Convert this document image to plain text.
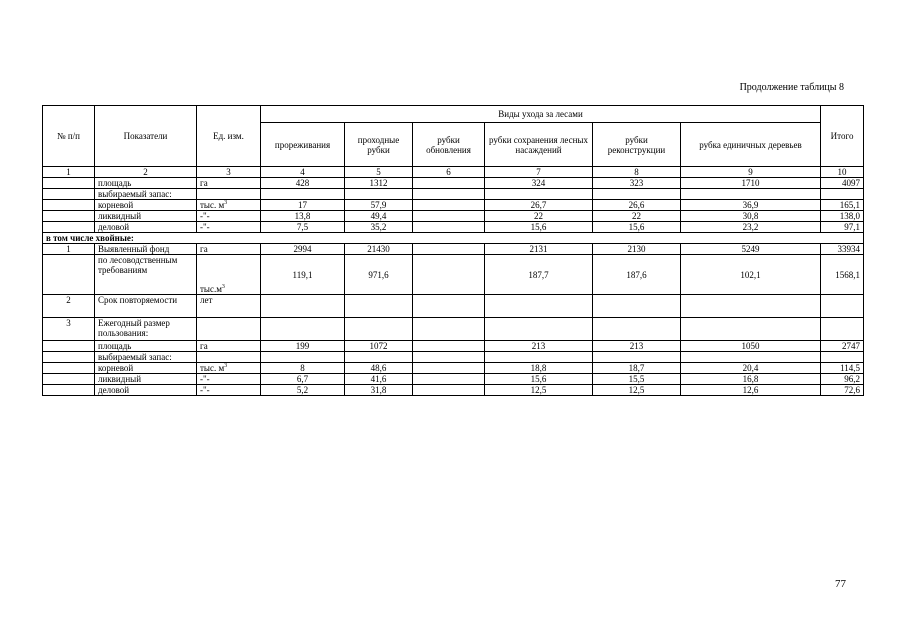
Продолжение таблицы 8
№ п/п	Показатели	Ед. изм.	Виды ухода за лесами						Итого
			прореживания	проходные рубки	рубки обновления	рубки сохранения лесных насаждений	рубки реконструкции	рубка единичных деревьев	
1	2	3	4	5	6	7	8	9	10
	площадь	га	428	1312		324	323	1710	4097
	выбираемый запас:								
	корневой	тыс. $м^3$	17	57,9		26,7	26,6	36,9	165,1
	ликвидный	-"-	13,8	49,4		22	22	30,8	138,0
	деловой	-"-	7,5	35,2		15,6	15,6	23,2	97,1
в том числе хвойные:									
1	Выявленный фонд	га	2994	21430		2131	2130	5249	33934
	по лесоводственным требованиям	$тыс.м^3$	119,1	971,6		187,7	187,6	102,1	1568,1
2	Срок повторяемости	лет							
3	Ежегодный размер пользования:								
	площадь	га	199	1072		213	213	1050	2747
	выбираемый запас:								
	корневой	тыс. $м^3$	8	48,6		18,8	18,7	20,4	114,5
	ликвидный	-"-	6,7	41,6		15,6	15,5	16,8	96,2
	деловой	-"-	5,2	31,8		12,5	12,5	12,6	72,6
77
